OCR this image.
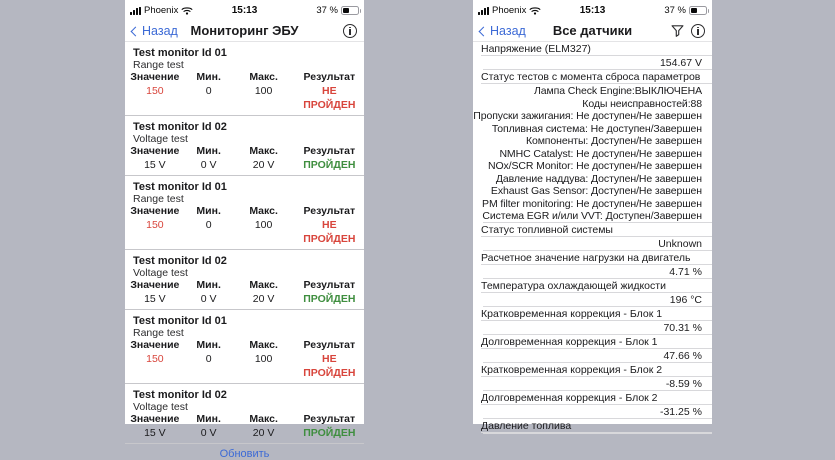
Phoenix	15:13	37 %
Назад Мониторинг ЭБУ
Test monitor Id 01
Range test
Значение	Мин.	Макс.	Результат
150	0	100	НЕ ПРОЙДЕН
Test monitor Id 02
Voltage test
Значение	Мин.	Макс.	Результат
15 V	0 V	20 V	ПРОЙДЕН
Test monitor Id 01
Range test
Значение	Мин.	Макс.	Результат
150	0	100	НЕ ПРОЙДЕН
Test monitor Id 02
Voltage test
Значение	Мин.	Макс.	Результат
15 V	0 V	20 V	ПРОЙДЕН
Test monitor Id 01
Range test
Значение	Мин.	Макс.	Результат
150	0	100	НЕ ПРОЙДЕН
Test monitor Id 02
Voltage test
Значение	Мин.	Макс.	Результат
15 V	0 V	20 V	ПРОЙДЕН
Обновить
Phoenix	15:13	37 %
Назад	Все датчики
Напряжение (ELM327)
154.67 V
Статус тестов с момента сброса параметров
Лампа Check Engine:ВЫКЛЮЧЕНА
Коды неисправностей:88
Пропуски зажигания: Не доступен/Не завершен
Топливная система: Не доступен/Завершен
Компоненты: Доступен/Не завершен
NMHC Catalyst: Не доступен/Не завершен
NOx/SCR Monitor: Не доступен/Не завершен
Давление наддува: Доступен/Не завершен
Exhaust Gas Sensor: Доступен/Не завершен
PM filter monitoring: Не доступен/Не завершен
Система EGR и/или VVT: Доступен/Завершен
Статус топливной системы
Unknown
Расчетное значение нагрузки на двигатель
4.71 %
Температура охлаждающей жидкости
196 °C
Кратковременная коррекция - Блок 1
70.31 %
Долговременная коррекция - Блок 1
47.66 %
Кратковременная коррекция - Блок 2
-8.59 %
Долговременная коррекция - Блок 2
-31.25 %
Давление топлива
